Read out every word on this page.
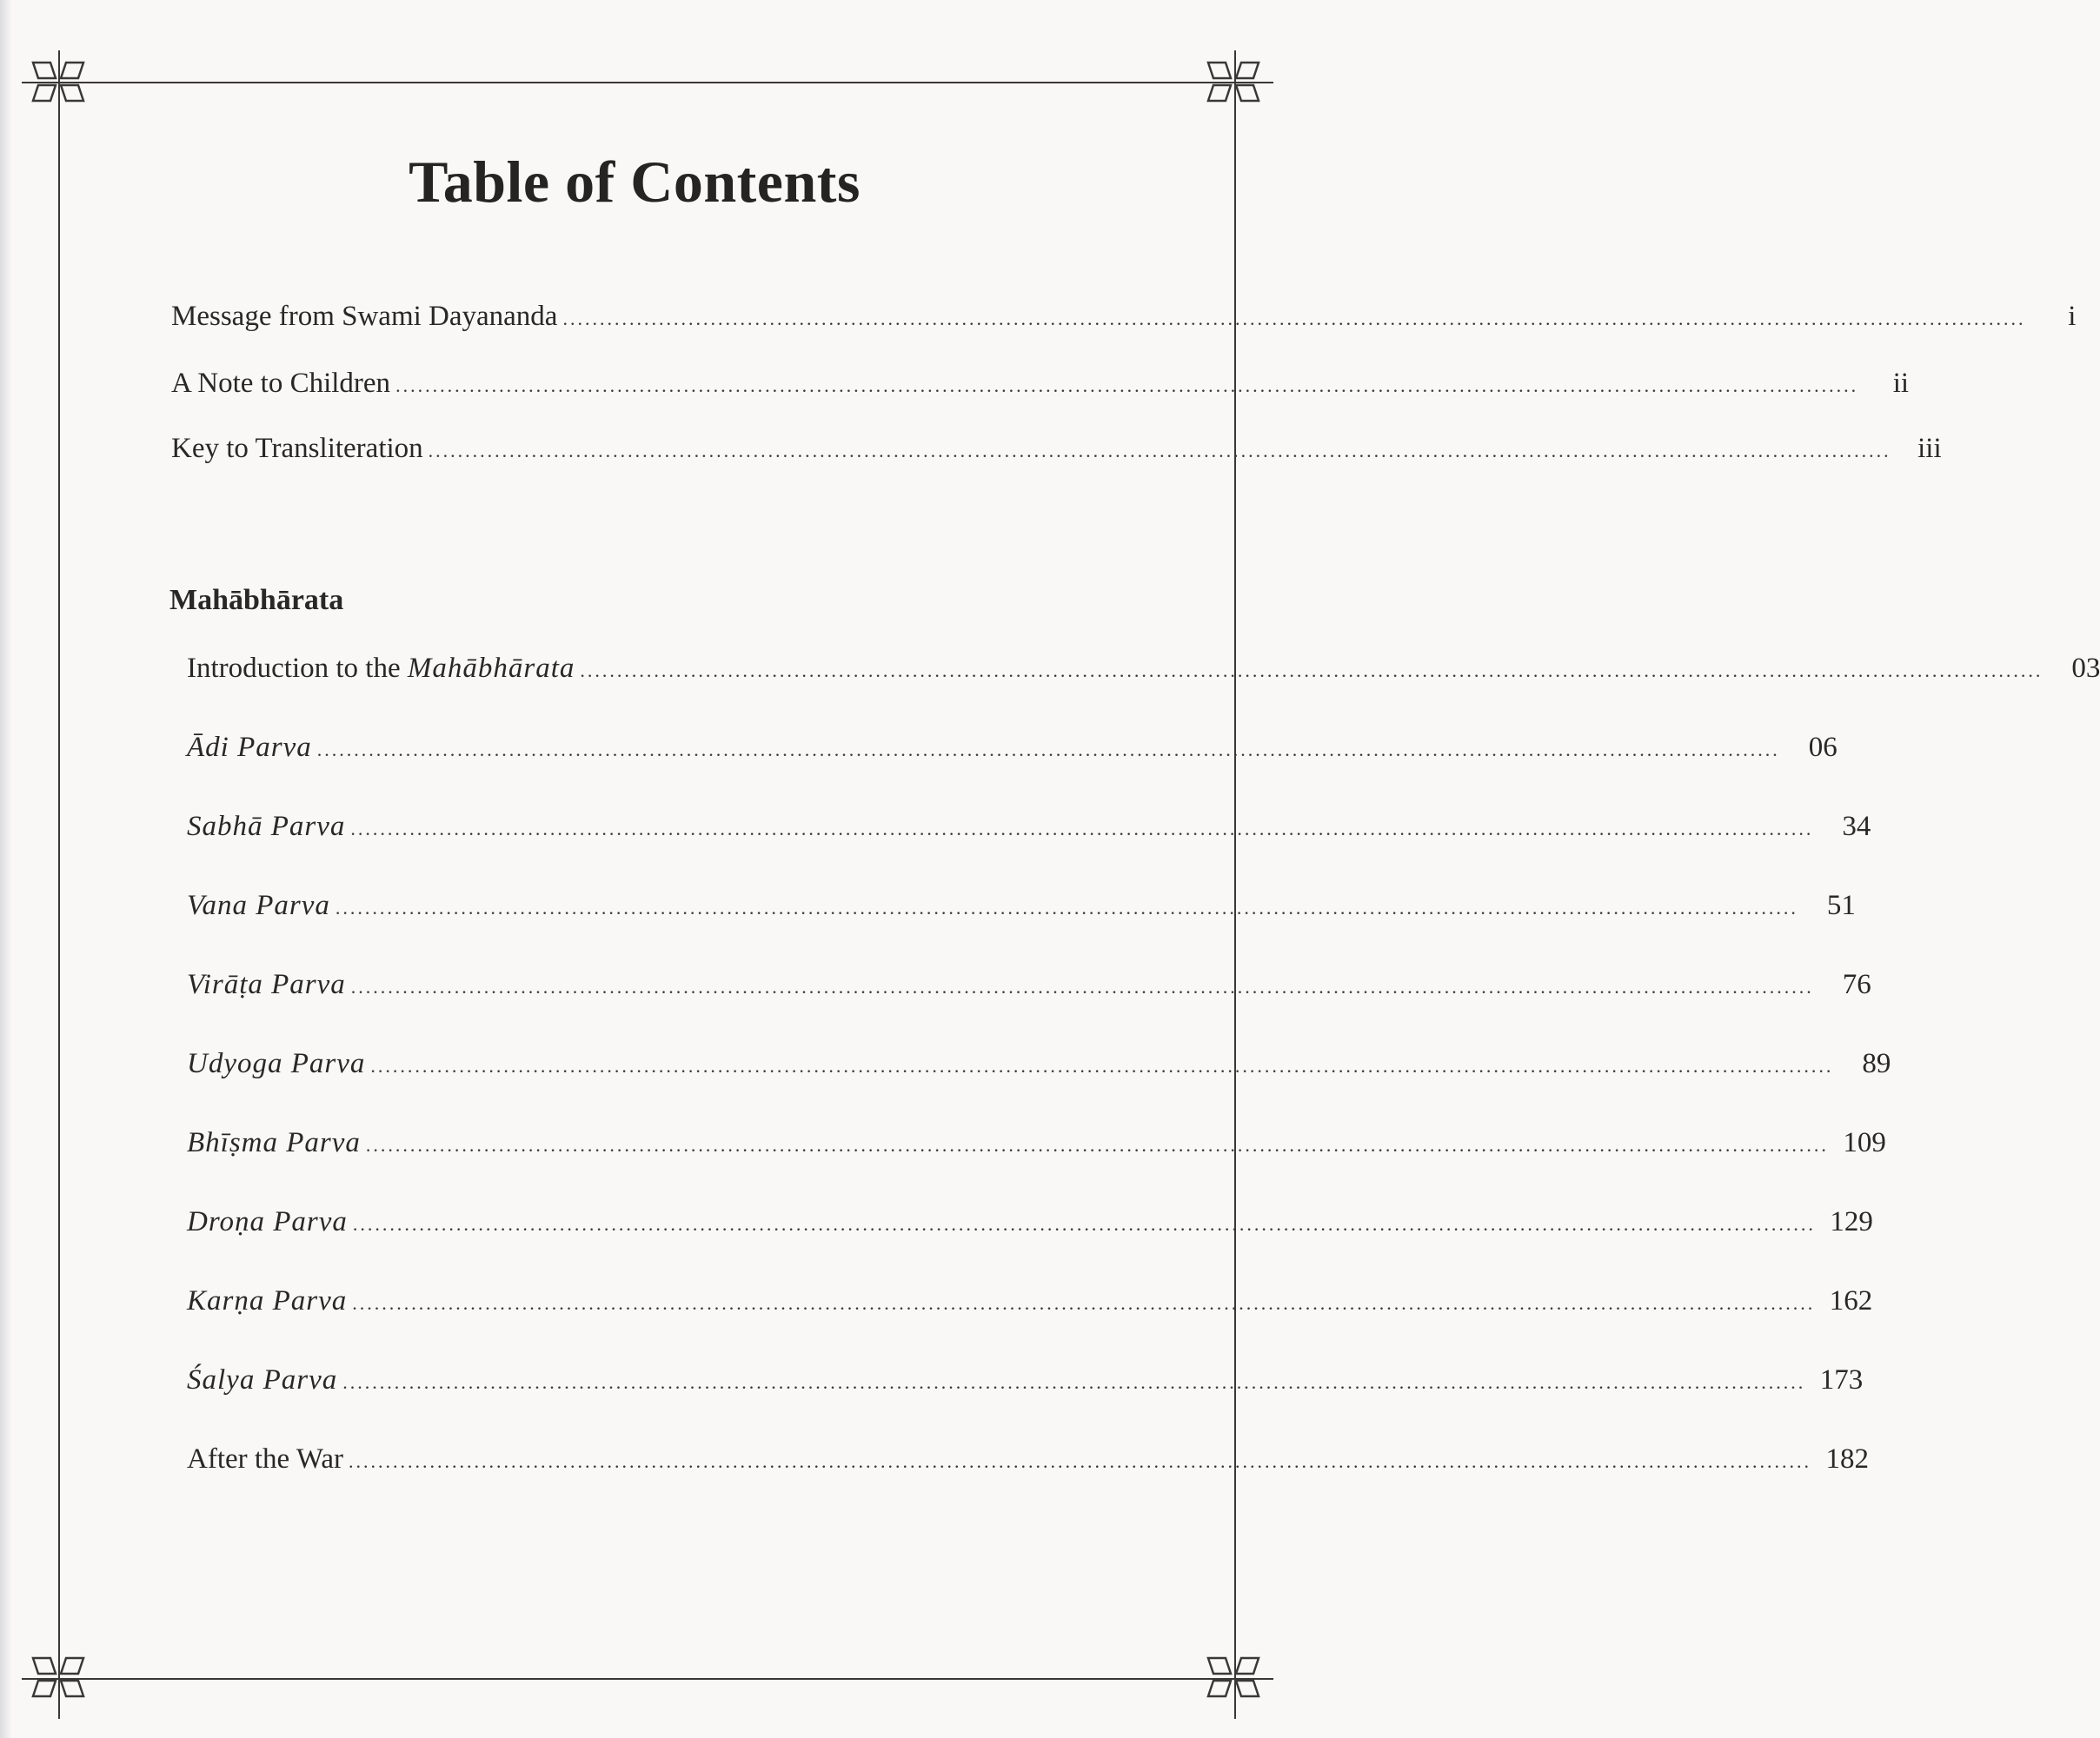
Table of Contents
Message from Swami Dayananda ......................................................................................................................................................................................................	i
A Note to Children ......................................................................................................................................................................................................	ii
Key to Transliteration ...................................................................................................................................................................................................... iii
Mahābhārata
Introduction to the Mahābhārata ......................................................................................................................................................................................................	03
Ādi Parva ......................................................................................................................................................................................................	06
Sabhā Parva ......................................................................................................................................................................................................	34
Vana Parva ......................................................................................................................................................................................................	51
Virāṭa Parva ......................................................................................................................................................................................................	76
Udyoga Parva ......................................................................................................................................................................................................	89
Bhīṣma Parva ...................................................................................................................................................................................................... 109
Droṇa Parva ...................................................................................................................................................................................................... 129
Karṇa Parva ...................................................................................................................................................................................................... 162
Śalya Parva ...................................................................................................................................................................................................... 173
After the War ...................................................................................................................................................................................................... 182
